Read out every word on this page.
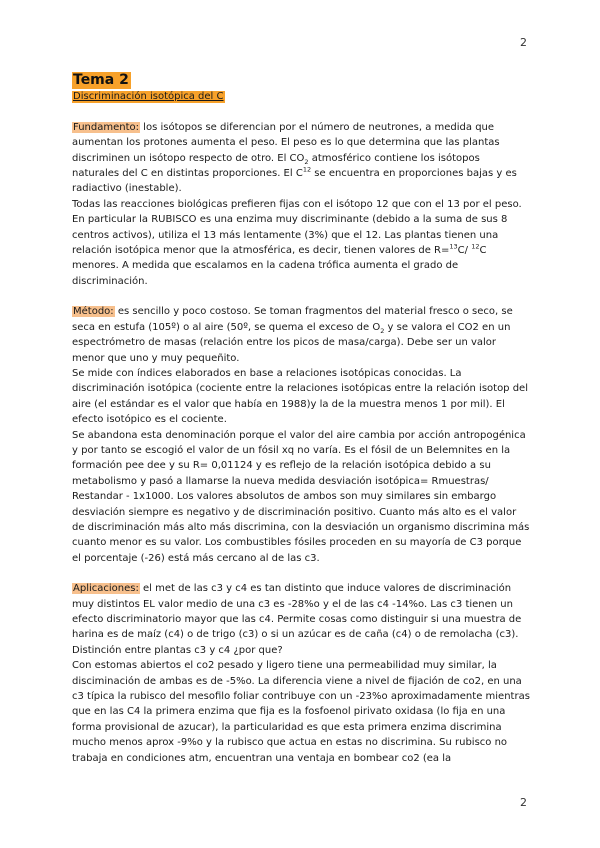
2
Tema 2
Discriminación isotópica del C

Fundamento: los isótopos se diferencian por el número de neutrones, a medida que aumentan los protones aumenta el peso. El peso es lo que determina que las plantas discriminen un isótopo respecto de otro. El $CO_2$ atmosférico contiene los isótopos naturales del C en distintas proporciones. El $C^{12}$ se encuentra en proporciones bajas y es radiactivo (inestable).

Todas las reacciones biológicas prefieren fijas con el isótopo 12 que con el 13 por el peso. En particular la RUBISCO es una enzima muy discriminante (debido a la suma de sus 8 centros activos), utiliza el 13 más lentamente (3%) que el 12. Las plantas tienen una relación isotópica menor que la atmosférica, es decir, tienen valores de R=$^{13}$C/ $^{12}$C menores. A medida que escalamos en la cadena trófica aumenta el grado de discriminación.

Método: es sencillo y poco costoso. Se toman fragmentos del material fresco o seco, se seca en estufa (105º) o al aire (50º, se quema el exceso de $O_2$ y se valora el CO2 en un espectrómetro de masas (relación entre los picos de masa/carga). Debe ser un valor menor que uno y muy pequeñito.

Se mide con índices elaborados en base a relaciones isotópicas conocidas. La discriminación isotópica (cociente entre la relaciones isotópicas entre la relación isotop del aire (el estándar es el valor que había en 1988)y la de la muestra menos 1 por mil). El efecto isotópico es el cociente.

Se abandona esta denominación porque el valor del aire cambia por acción antropogénica y por tanto se escogió el valor de un fósil xq no varía. Es el fósil de un Belemnites en la formación pee dee y su R= 0,01124 y es reflejo de la relación isotópica debido a su metabolismo y pasó a llamarse la nueva medida desviación isotópica= Rmuestras/ Restandar - 1x1000. Los valores absolutos de ambos son muy similares sin embargo desviación siempre es negativo y de discriminación positivo. Cuanto más alto es el valor de discriminación más alto más discrimina, con la desviación un organismo discrimina más cuanto menor es su valor. Los combustibles fósiles proceden en su mayoría de C3 porque el porcentaje (-26) está más cercano al de las c3.

Aplicaciones: el met de las c3 y c4 es tan distinto que induce valores de discriminación muy distintos EL valor medio de una c3 es -28%o y el de las c4 -14%o. Las c3 tienen un efecto discriminatorio mayor que las c4. Permite cosas como distinguir si una muestra de harina es de maíz (c4) o de trigo (c3) o si un azúcar es de caña (c4) o de remolacha (c3).

Distinción entre plantas c3 y c4 ¿por que?

Con estomas abiertos el co2 pesado y ligero tiene una permeabilidad muy similar, la disciminación de ambas es de -5%o. La diferencia viene a nivel de fijación de co2, en una c3 típica la rubisco del mesofilo foliar contribuye con un -23%o aproximadamente mientras que en las C4 la primera enzima que fija es la fosfoenol pirivato oxidasa (lo fija en una forma provisional de azucar), la particularidad es que esta primera enzima discrimina mucho menos aprox -9%o y la rubisco que actua en estas no discrimina. Su rubisco no trabaja en condiciones atm, encuentran una ventaja en bombear co2 (ea la

2
